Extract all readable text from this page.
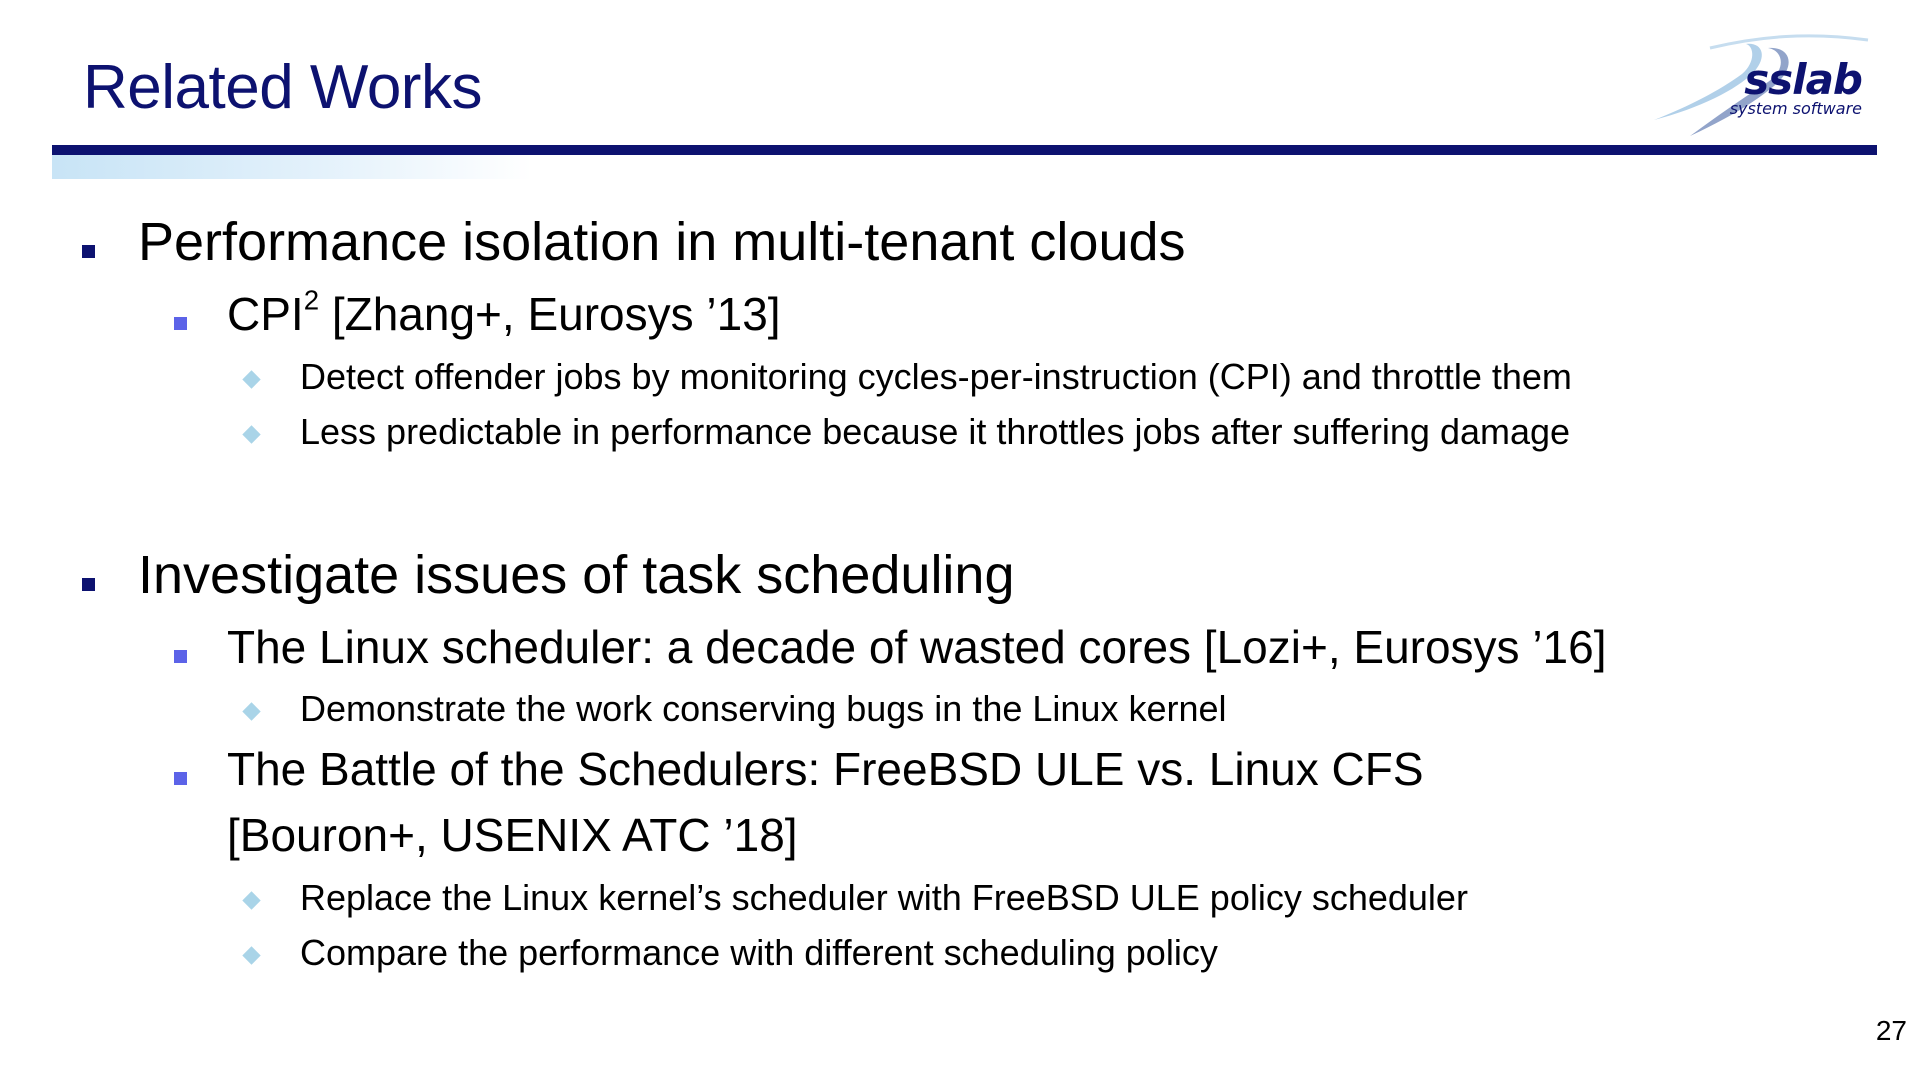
Related Works	sslab
system software
Performance isolation in multi-tenant clouds
CPI$^2$ [Zhang+, Eurosys ’13]
Detect offender jobs by monitoring cycles-per-instruction (CPI) and throttle them
Less predictable in performance because it throttles jobs after suffering damage
Investigate issues of task scheduling
The Linux scheduler: a decade of wasted cores [Lozi+, Eurosys ’16]
Demonstrate the work conserving bugs in the Linux kernel
The Battle of the Schedulers: FreeBSD ULE vs. Linux CFS
[Bouron+, USENIX ATC ’18]
Replace the Linux kernel’s scheduler with FreeBSD ULE policy scheduler
Compare the performance with different scheduling policy
27
